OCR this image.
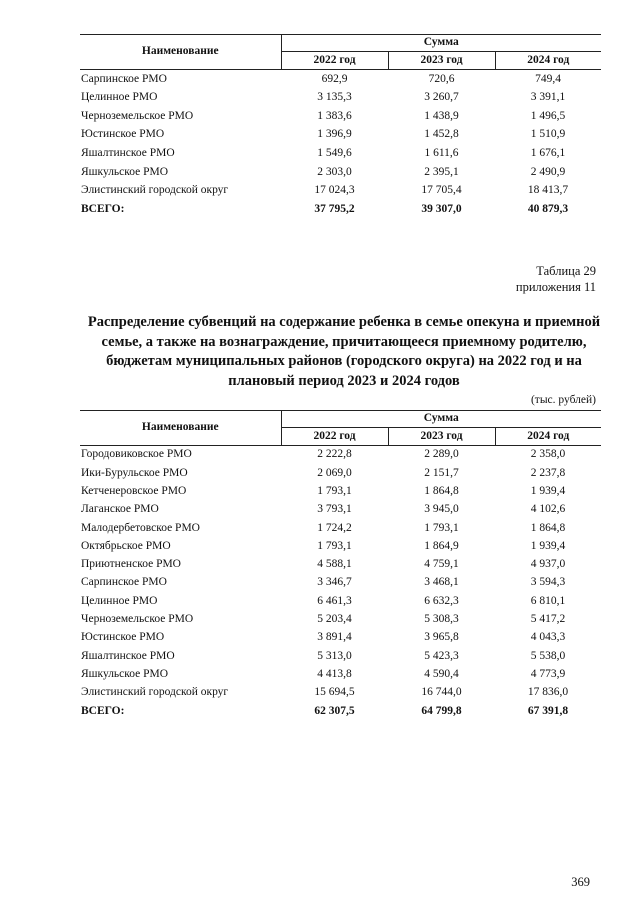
Наименование	Сумма		
	2022 год	2023 год	2024 год
Сарпинское РМО	692,9	720,6	749,4
Целинное РМО	3 135,3	3 260,7	3 391,1
Черноземельское РМО	1 383,6	1 438,9	1 496,5
Юстинское РМО	1 396,9	1 452,8	1 510,9
Яшалтинское РМО	1 549,6	1 611,6	1 676,1
Яшкульское РМО	2 303,0	2 395,1	2 490,9
Элистинский городской округ	17 024,3	17 705,4	18 413,7
ВСЕГО:	37 795,2	39 307,0	40 879,3
Таблица 29
приложения 11
Распределение субвенций на содержание ребенка в семье опекуна и приемной семье, а также на вознаграждение, причитающееся приемному родителю, бюджетам муниципальных районов (городского округа) на 2022 год и на плановый период 2023 и 2024 годов
(тыс. рублей)
Наименование	Сумма		
	2022 год	2023 год	2024 год
Городовиковское РМО	2 222,8	2 289,0	2 358,0
Ики-Бурульское РМО	2 069,0	2 151,7	2 237,8
Кетченеровское РМО	1 793,1	1 864,8	1 939,4
Лаганское РМО	3 793,1	3 945,0	4 102,6
Малодербетовское РМО	1 724,2	1 793,1	1 864,8
Октябрьское РМО	1 793,1	1 864,9	1 939,4
Приютненское РМО	4 588,1	4 759,1	4 937,0
Сарпинское РМО	3 346,7	3 468,1	3 594,3
Целинное РМО	6 461,3	6 632,3	6 810,1
Черноземельское РМО	5 203,4	5 308,3	5 417,2
Юстинское РМО	3 891,4	3 965,8	4 043,3
Яшалтинское РМО	5 313,0	5 423,3	5 538,0
Яшкульское РМО	4 413,8	4 590,4	4 773,9
Элистинский городской округ	15 694,5	16 744,0	17 836,0
ВСЕГО:	62 307,5	64 799,8	67 391,8
369
